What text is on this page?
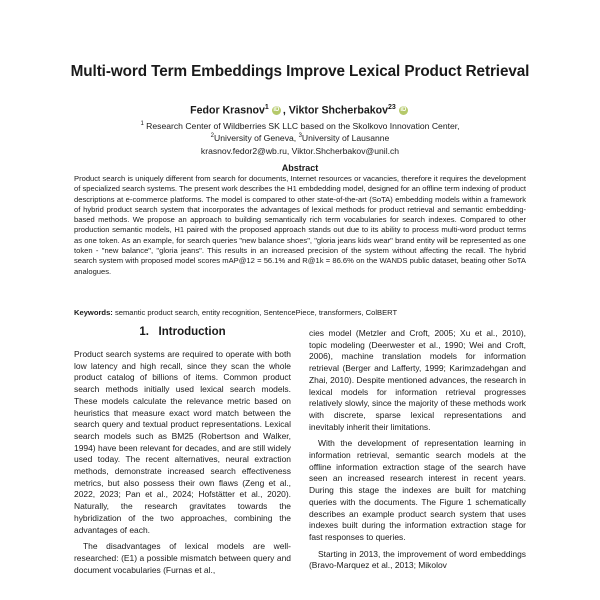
Multi-word Term Embeddings Improve Lexical Product Retrieval
Fedor Krasnov$^1$ iD , Viktor Shcherbakov$^{23}$ iD
$^1$ Research Center of Wildberries SK LLC based on the Skolkovo Innovation Center,
$^2$University of Geneva, $^3$University of Lausanne
krasnov.fedor2@wb.ru, Viktor.Shcherbakov@unil.ch
Abstract
Product search is uniquely different from search for documents, Internet resources or vacancies, therefore it requires the development of specialized search systems. The present work describes the H1 embdedding model, designed for an offline term indexing of product descriptions at e-commerce platforms. The model is compared to other state-of-the-art (SoTA) embedding models within a framework of hybrid product search system that incorporates the advantages of lexical methods for product retrieval and semantic embedding-based methods. We propose an approach to building semantically rich term vocabularies for search indexes. Compared to other production semantic models, H1 paired with the proposed approach stands out due to its ability to process multi-word product terms as one token. As an example, for search queries "new balance shoes", "gloria jeans kids wear" brand entity will be represented as one token - "new balance", "gloria jeans". This results in an increased precision of the system without affecting the recall. The hybrid search system with proposed model scores mAP@12 = 56.1% and R@1k = 86.6% on the WANDS public dataset, beating other SoTA analogues.
Keywords: semantic product search, entity recognition, SentencePiece, transformers, ColBERT
1. Introduction

Product search systems are required to operate with both low latency and high recall, since they scan the whole product catalog of billions of items. Common product search methods initially used lexical search models. These models calculate the relevance metric based on heuristics that measure exact word match between the search query and textual product representations. Lexical search models such as BM25 (Robertson and Walker, 1994) have been relevant for decades, and are still widely used today. The recent alternatives, neural extraction methods, demonstrate increased search effectiveness metrics, but also possess their own flaws (Zeng et al., 2022, 2023; Pan et al., 2024; Hofstätter et al., 2020). Naturally, the research gravitates towards the hybridization of the two approaches, combining the advantages of each.

The disadvantages of lexical models are well-researched: (E1) a possible mismatch between query and document vocabularies (Furnas et al.,

cies model (Metzler and Croft, 2005; Xu et al., 2010), topic modeling (Deerwester et al., 1990; Wei and Croft, 2006), machine translation models for information retrieval (Berger and Lafferty, 1999; Karimzadehgan and Zhai, 2010). Despite mentioned advances, the research in lexical models for information retrieval progresses relatively slowly, since the majority of these methods work with discrete, sparse lexical representations and inevitably inherit their limitations.

With the development of representation learning in information retrieval, semantic search models at the offline information extraction stage of the search have seen an increased research interest in recent years. During this stage the indexes are built for matching queries with the documents. The Figure 1 schematically describes an example product search system that uses indexes built during the information extraction stage for fast responses to queries.

Starting in 2013, the improvement of word embeddings (Bravo-Marquez et al., 2013; Mikolov
